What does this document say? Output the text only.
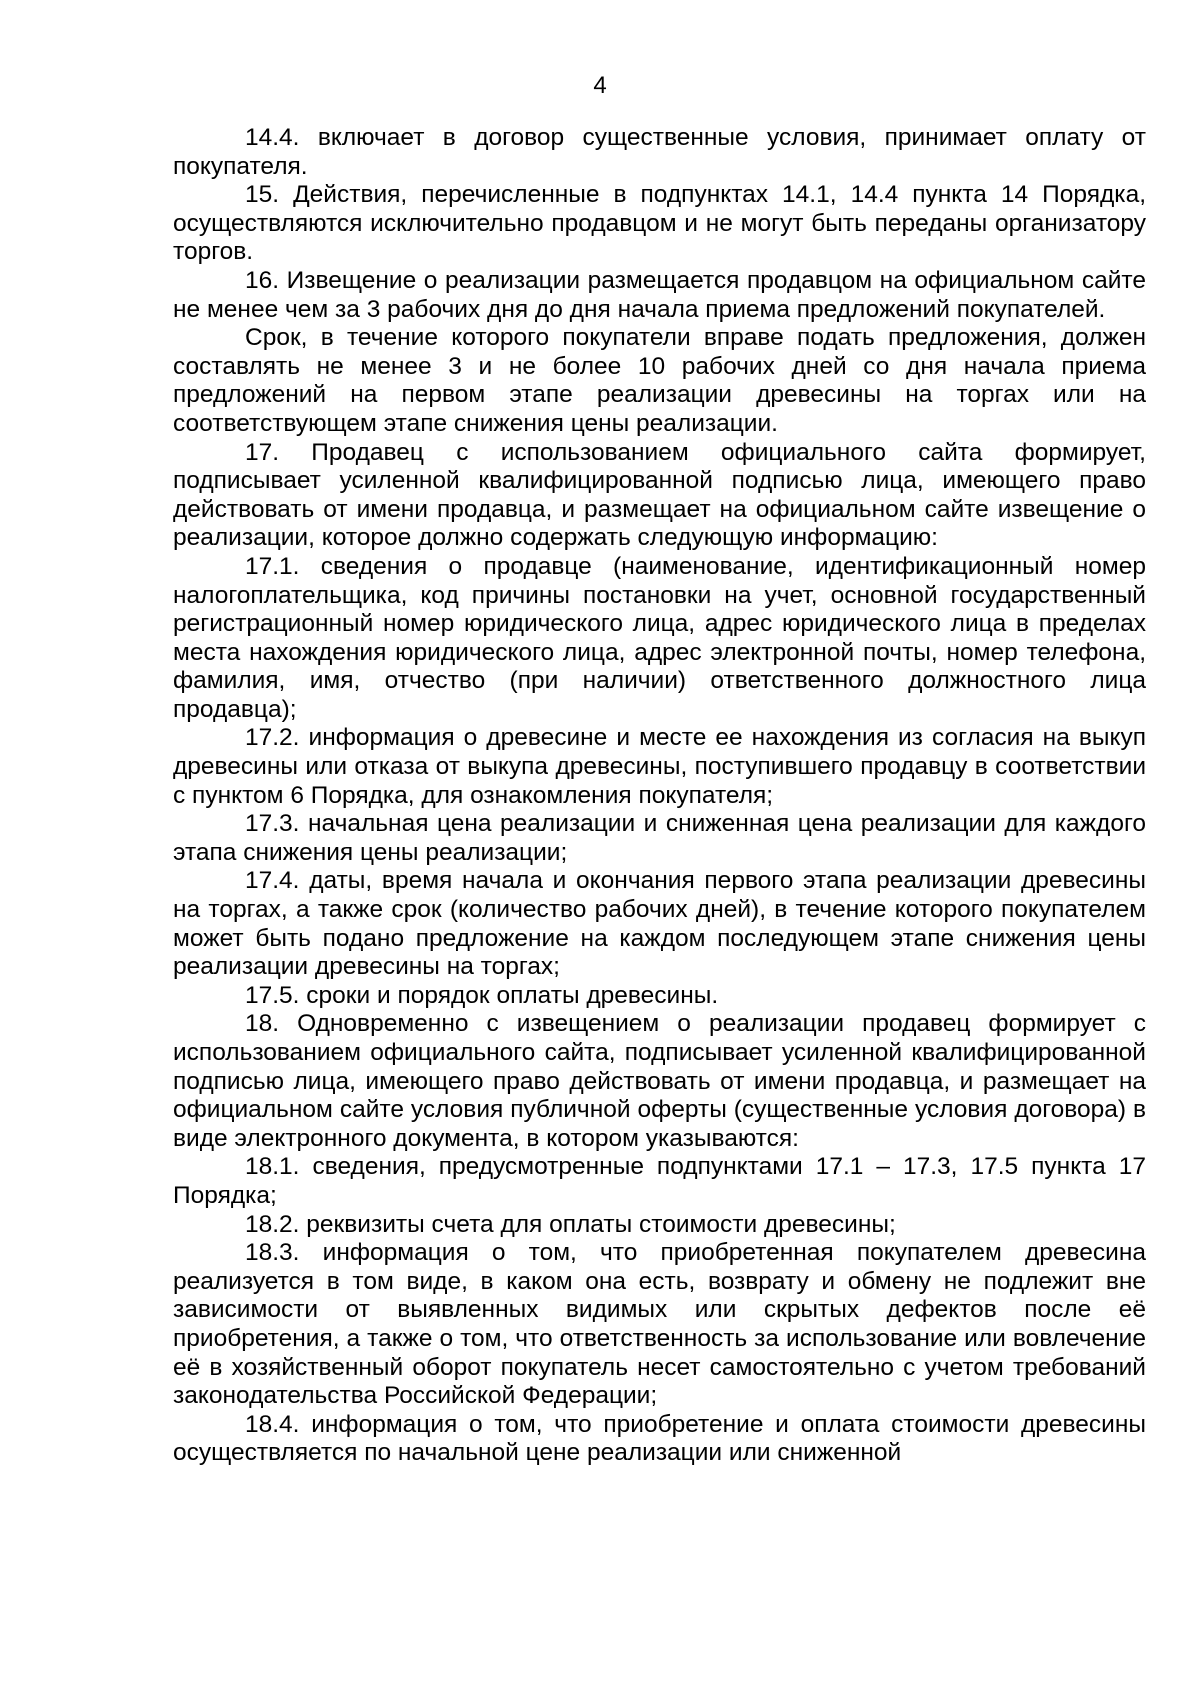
4

14.4. включает в договор существенные условия, принимает оплату от покупателя.

15. Действия, перечисленные в подпунктах 14.1, 14.4 пункта 14 Порядка, осуществляются исключительно продавцом и не могут быть переданы организатору торгов.

16. Извещение о реализации размещается продавцом на официальном сайте не менее чем за 3 рабочих дня до дня начала приема предложений покупателей.

Срок, в течение которого покупатели вправе подать предложения, должен составлять не менее 3 и не более 10 рабочих дней со дня начала приема предложений на первом этапе реализации древесины на торгах или на соответствующем этапе снижения цены реализации.

17. Продавец с использованием официального сайта формирует, подписывает усиленной квалифицированной подписью лица, имеющего право действовать от имени продавца, и размещает на официальном сайте извещение о реализации, которое должно содержать следующую информацию:

17.1. сведения о продавце (наименование, идентификационный номер налогоплательщика, код причины постановки на учет, основной государственный регистрационный номер юридического лица, адрес юридического лица в пределах места нахождения юридического лица, адрес электронной почты, номер телефона, фамилия, имя, отчество (при наличии) ответственного должностного лица продавца);

17.2. информация о древесине и месте ее нахождения из согласия на выкуп древесины или отказа от выкупа древесины, поступившего продавцу в соответствии с пунктом 6 Порядка, для ознакомления покупателя;

17.3. начальная цена реализации и сниженная цена реализации для каждого этапа снижения цены реализации;

17.4. даты, время начала и окончания первого этапа реализации древесины на торгах, а также срок (количество рабочих дней), в течение которого покупателем может быть подано предложение на каждом последующем этапе снижения цены реализации древесины на торгах;

17.5. сроки и порядок оплаты древесины.

18. Одновременно с извещением о реализации продавец формирует с использованием официального сайта, подписывает усиленной квалифицированной подписью лица, имеющего право действовать от имени продавца, и размещает на официальном сайте условия публичной оферты (существенные условия договора) в виде электронного документа, в котором указываются:

18.1. сведения, предусмотренные подпунктами 17.1 – 17.3, 17.5 пункта 17 Порядка;

18.2. реквизиты счета для оплаты стоимости древесины;

18.3. информация о том, что приобретенная покупателем древесина реализуется в том виде, в каком она есть, возврату и обмену не подлежит вне зависимости от выявленных видимых или скрытых дефектов после её приобретения, а также о том, что ответственность за использование или вовлечение её в хозяйственный оборот покупатель несет самостоятельно с учетом требований законодательства Российской Федерации;

18.4. информация о том, что приобретение и оплата стоимости древесины осуществляется по начальной цене реализации или сниженной
